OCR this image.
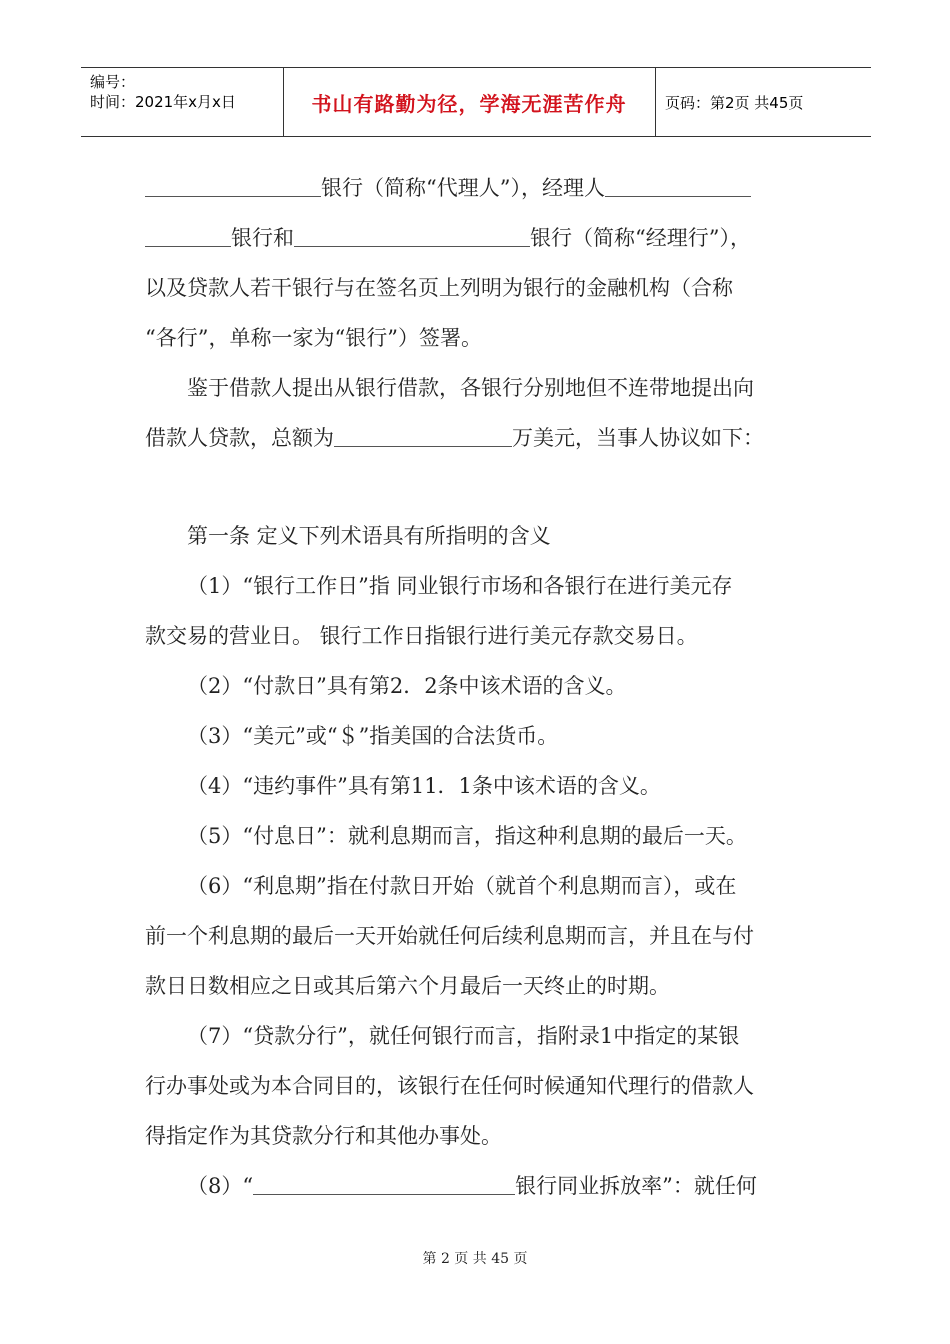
编号：
时间：2021年x月x日	书山有路勤为径，学海无涯苦作舟	页码：第2页 共45页
银行（简称“代理人”），经理人
银行和	银行（简称“经理行”），
以及贷款人若干银行与在签名页上列明为银行的金融机构（合称
“各行”，单称一家为“银行”）签署。
鉴于借款人提出从银行借款，各银行分别地但不连带地提出向
借款人贷款，总额为	万美元，当事人协议如下：
第一条 定义下列术语具有所指明的含义
（1）“银行工作日”指 同业银行市场和各银行在进行美元存
款交易的营业日。 银行工作日指银行进行美元存款交易日。
（2）“付款日”具有第2．2条中该术语的含义。
（3）“美元”或“＄”指美国的合法货币。
（4）“违约事件”具有第11．1条中该术语的含义。
（5）“付息日”：就利息期而言，指这种利息期的最后一天。
（6）“利息期”指在付款日开始（就首个利息期而言），或在
前一个利息期的最后一天开始就任何后续利息期而言，并且在与付
款日日数相应之日或其后第六个月最后一天终止的时期。
（7）“贷款分行”，就任何银行而言，指附录1中指定的某银
行办事处或为本合同目的，该银行在任何时候通知代理行的借款人
得指定作为其贷款分行和其他办事处。
（8）“	银行同业拆放率”：就任何
第 2 页 共 45 页
